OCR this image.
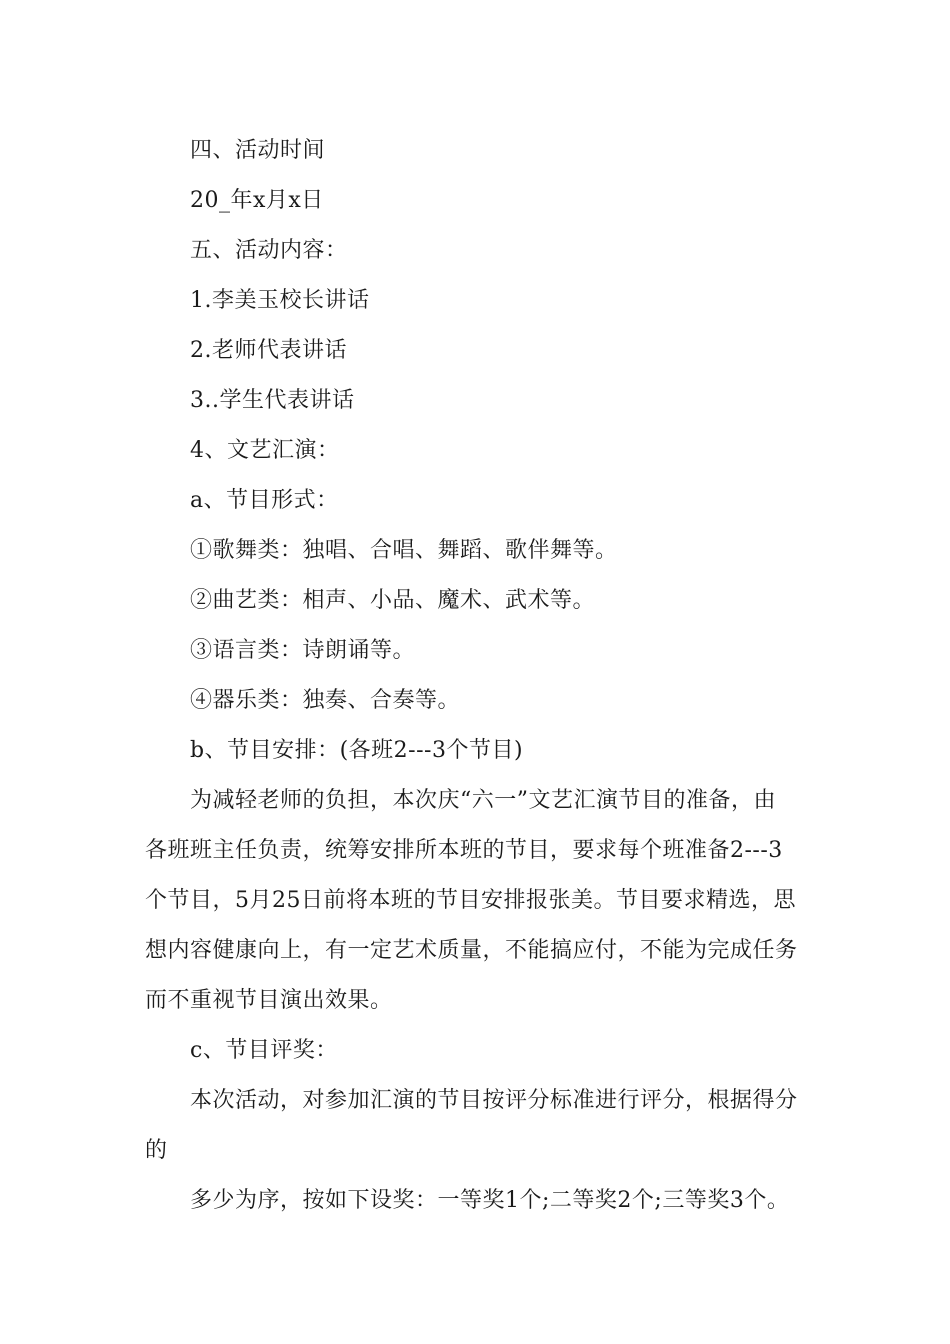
四、活动时间
20_年x月x日
五、活动内容：
1.李美玉校长讲话
2.老师代表讲话
3..学生代表讲话
4、文艺汇演：
a、节目形式：
①歌舞类：独唱、合唱、舞蹈、歌伴舞等。
②曲艺类：相声、小品、魔术、武术等。
③语言类：诗朗诵等。
④器乐类：独奏、合奏等。
b、节目安排：(各班2---3个节目)
为减轻老师的负担，本次庆“六一”文艺汇演节目的准备，由
各班班主任负责，统筹安排所本班的节目，要求每个班准备2---3
个节目，5月25日前将本班的节目安排报张美。节目要求精选，思
想内容健康向上，有一定艺术质量，不能搞应付，不能为完成任务
而不重视节目演出效果。
c、节目评奖：
本次活动，对参加汇演的节目按评分标准进行评分，根据得分
的
多少为序，按如下设奖：一等奖1个;二等奖2个;三等奖3个。
